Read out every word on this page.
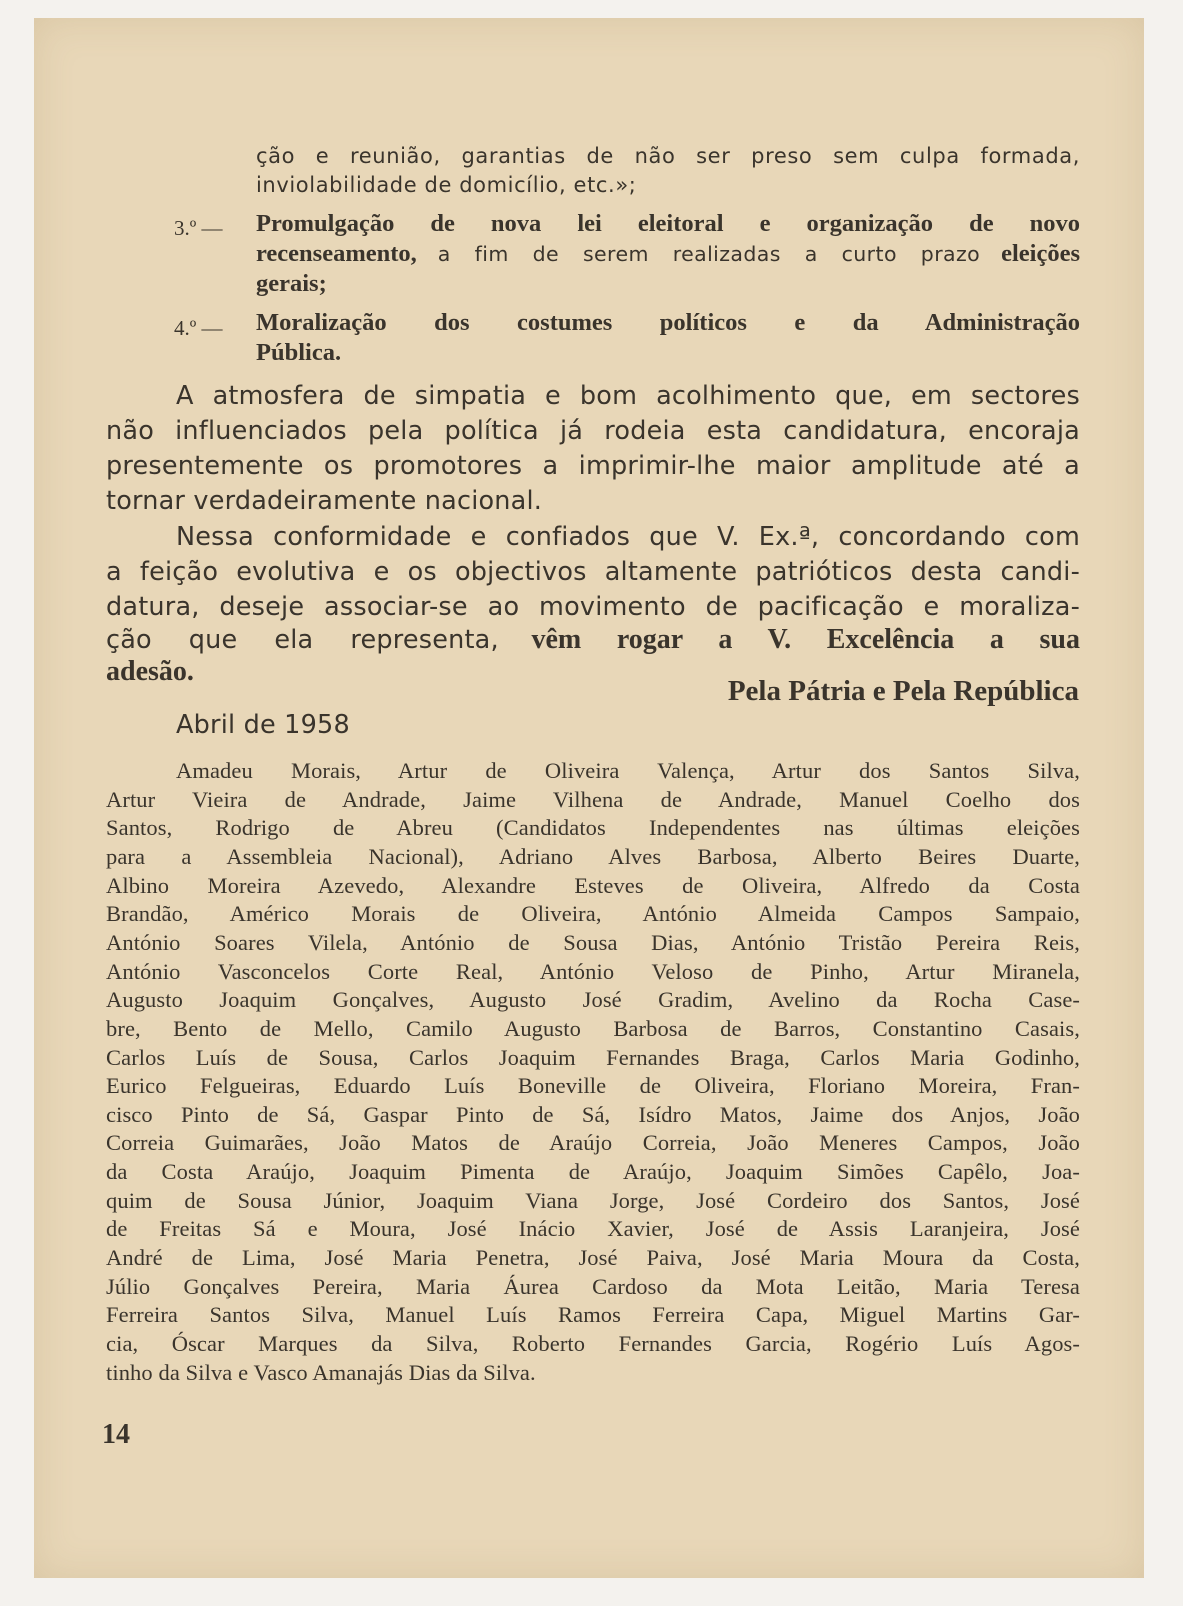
ção e reunião, garantias de não ser preso sem culpa formada,
inviolabilidade de domicílio, etc.»;
3.º — Promulgação de nova lei eleitoral e organização de novo
recenseamento, a fim de serem realizadas a curto prazo eleições
gerais;
4.º — Moralização dos costumes políticos e da Administração
Pública.
A atmosfera de simpatia e bom acolhimento que, em sectores
não influenciados pela política já rodeia esta candidatura, encoraja
presentemente os promotores a imprimir-lhe maior amplitude até a
tornar verdadeiramente nacional.
Nessa conformidade e confiados que V. Ex.ª, concordando com
a feição evolutiva e os objectivos altamente patrióticos desta candi-
datura, deseje associar-se ao movimento de pacificação e moraliza-
ção que ela representa, vêm rogar a V. Excelência a sua
adesão.
Pela Pátria e Pela República
Abril de 1958
Amadeu Morais, Artur de Oliveira Valença, Artur dos Santos Silva,
Artur Vieira de Andrade, Jaime Vilhena de Andrade, Manuel Coelho dos
Santos, Rodrigo de Abreu (Candidatos Independentes nas últimas eleições
para a Assembleia Nacional), Adriano Alves Barbosa, Alberto Beires Duarte,
Albino Moreira Azevedo, Alexandre Esteves de Oliveira, Alfredo da Costa
Brandão, Américo Morais de Oliveira, António Almeida Campos Sampaio,
António Soares Vilela, António de Sousa Dias, António Tristão Pereira Reis,
António Vasconcelos Corte Real, António Veloso de Pinho, Artur Miranela,
Augusto Joaquim Gonçalves, Augusto José Gradim, Avelino da Rocha Case-
bre, Bento de Mello, Camilo Augusto Barbosa de Barros, Constantino Casais,
Carlos Luís de Sousa, Carlos Joaquim Fernandes Braga, Carlos Maria Godinho,
Eurico Felgueiras, Eduardo Luís Boneville de Oliveira, Floriano Moreira, Fran-
cisco Pinto de Sá, Gaspar Pinto de Sá, Isídro Matos, Jaime dos Anjos, João
Correia Guimarães, João Matos de Araújo Correia, João Meneres Campos, João
da Costa Araújo, Joaquim Pimenta de Araújo, Joaquim Simões Capêlo, Joa-
quim de Sousa Júnior, Joaquim Viana Jorge, José Cordeiro dos Santos, José
de Freitas Sá e Moura, José Inácio Xavier, José de Assis Laranjeira, José
André de Lima, José Maria Penetra, José Paiva, José Maria Moura da Costa,
Júlio Gonçalves Pereira, Maria Áurea Cardoso da Mota Leitão, Maria Teresa
Ferreira Santos Silva, Manuel Luís Ramos Ferreira Capa, Miguel Martins Gar-
cia, Óscar Marques da Silva, Roberto Fernandes Garcia, Rogério Luís Agos-
tinho da Silva e Vasco Amanajás Dias da Silva.
14
